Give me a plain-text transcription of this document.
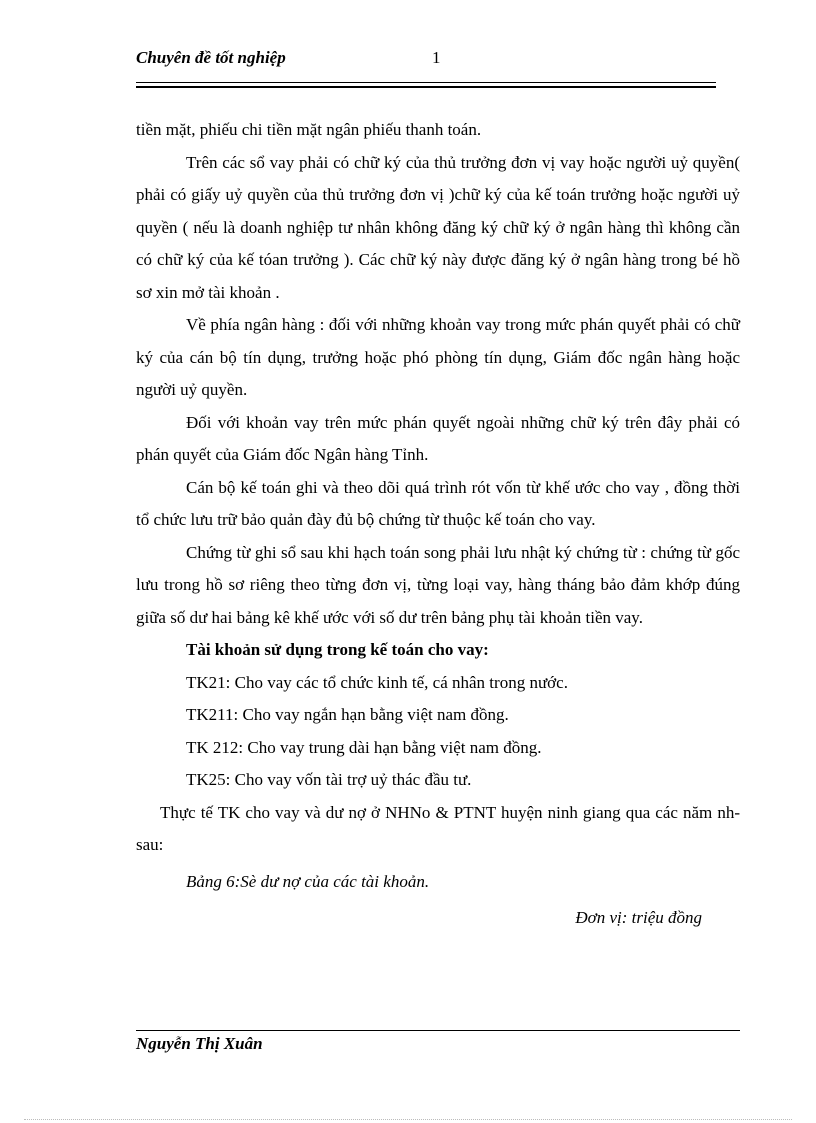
Chuyên đề tốt nghiệp	1

tiền mặt, phiếu chi tiền mặt ngân phiếu thanh toán.

Trên các sổ vay phải có chữ ký của thủ trưởng đơn vị vay hoặc người uỷ quyền( phải có giấy uỷ quyền của thủ trưởng đơn vị )chữ ký của kế toán trưởng hoặc người uỷ quyền ( nếu là doanh nghiệp tư nhân không đăng ký chữ ký ở ngân hàng thì không cần có chữ ký của kế tóan trưởng ). Các chữ ký này được đăng ký ở ngân hàng trong bé hồ sơ xin mở tài khoản .

Về phía ngân hàng : đối với những khoản vay trong mức phán quyết phải có chữ ký của cán bộ tín dụng, trưởng hoặc phó phòng tín dụng, Giám đốc ngân hàng hoặc người uỷ quyền.

Đối với khoản vay trên mức phán quyết ngoài những chữ ký trên đây phải có phán quyết của Giám đốc Ngân hàng Tỉnh.

Cán bộ kế toán ghi và theo dõi quá trình rót vốn từ khế ước cho vay , đồng thời tổ chức lưu trữ bảo quản đày đủ bộ chứng từ thuộc kế toán cho vay.

Chứng từ ghi sổ sau khi hạch toán song phải lưu nhật ký chứng từ : chứng từ gốc lưu trong hồ sơ riêng theo từng đơn vị, từng loại vay, hàng tháng bảo đảm khớp đúng giữa số dư hai bảng kê khế ước với số dư trên bảng phụ tài khoản tiền vay.

Tài khoản sử dụng trong kế toán cho vay:

TK21: Cho vay các tổ chức kinh tế, cá nhân trong nước.

TK211: Cho vay ngắn hạn bằng việt nam đồng.

TK 212: Cho vay trung dài hạn bằng việt nam đồng.

TK25: Cho vay vốn tài trợ uỷ thác đầu tư.

Thực tế TK cho vay và dư nợ ở NHNo & PTNT huyện ninh giang qua các năm nh sau:

Bảng 6:Sè dư nợ của các tài khoản.

Đơn vị: triệu đồng

Nguyễn Thị Xuân
